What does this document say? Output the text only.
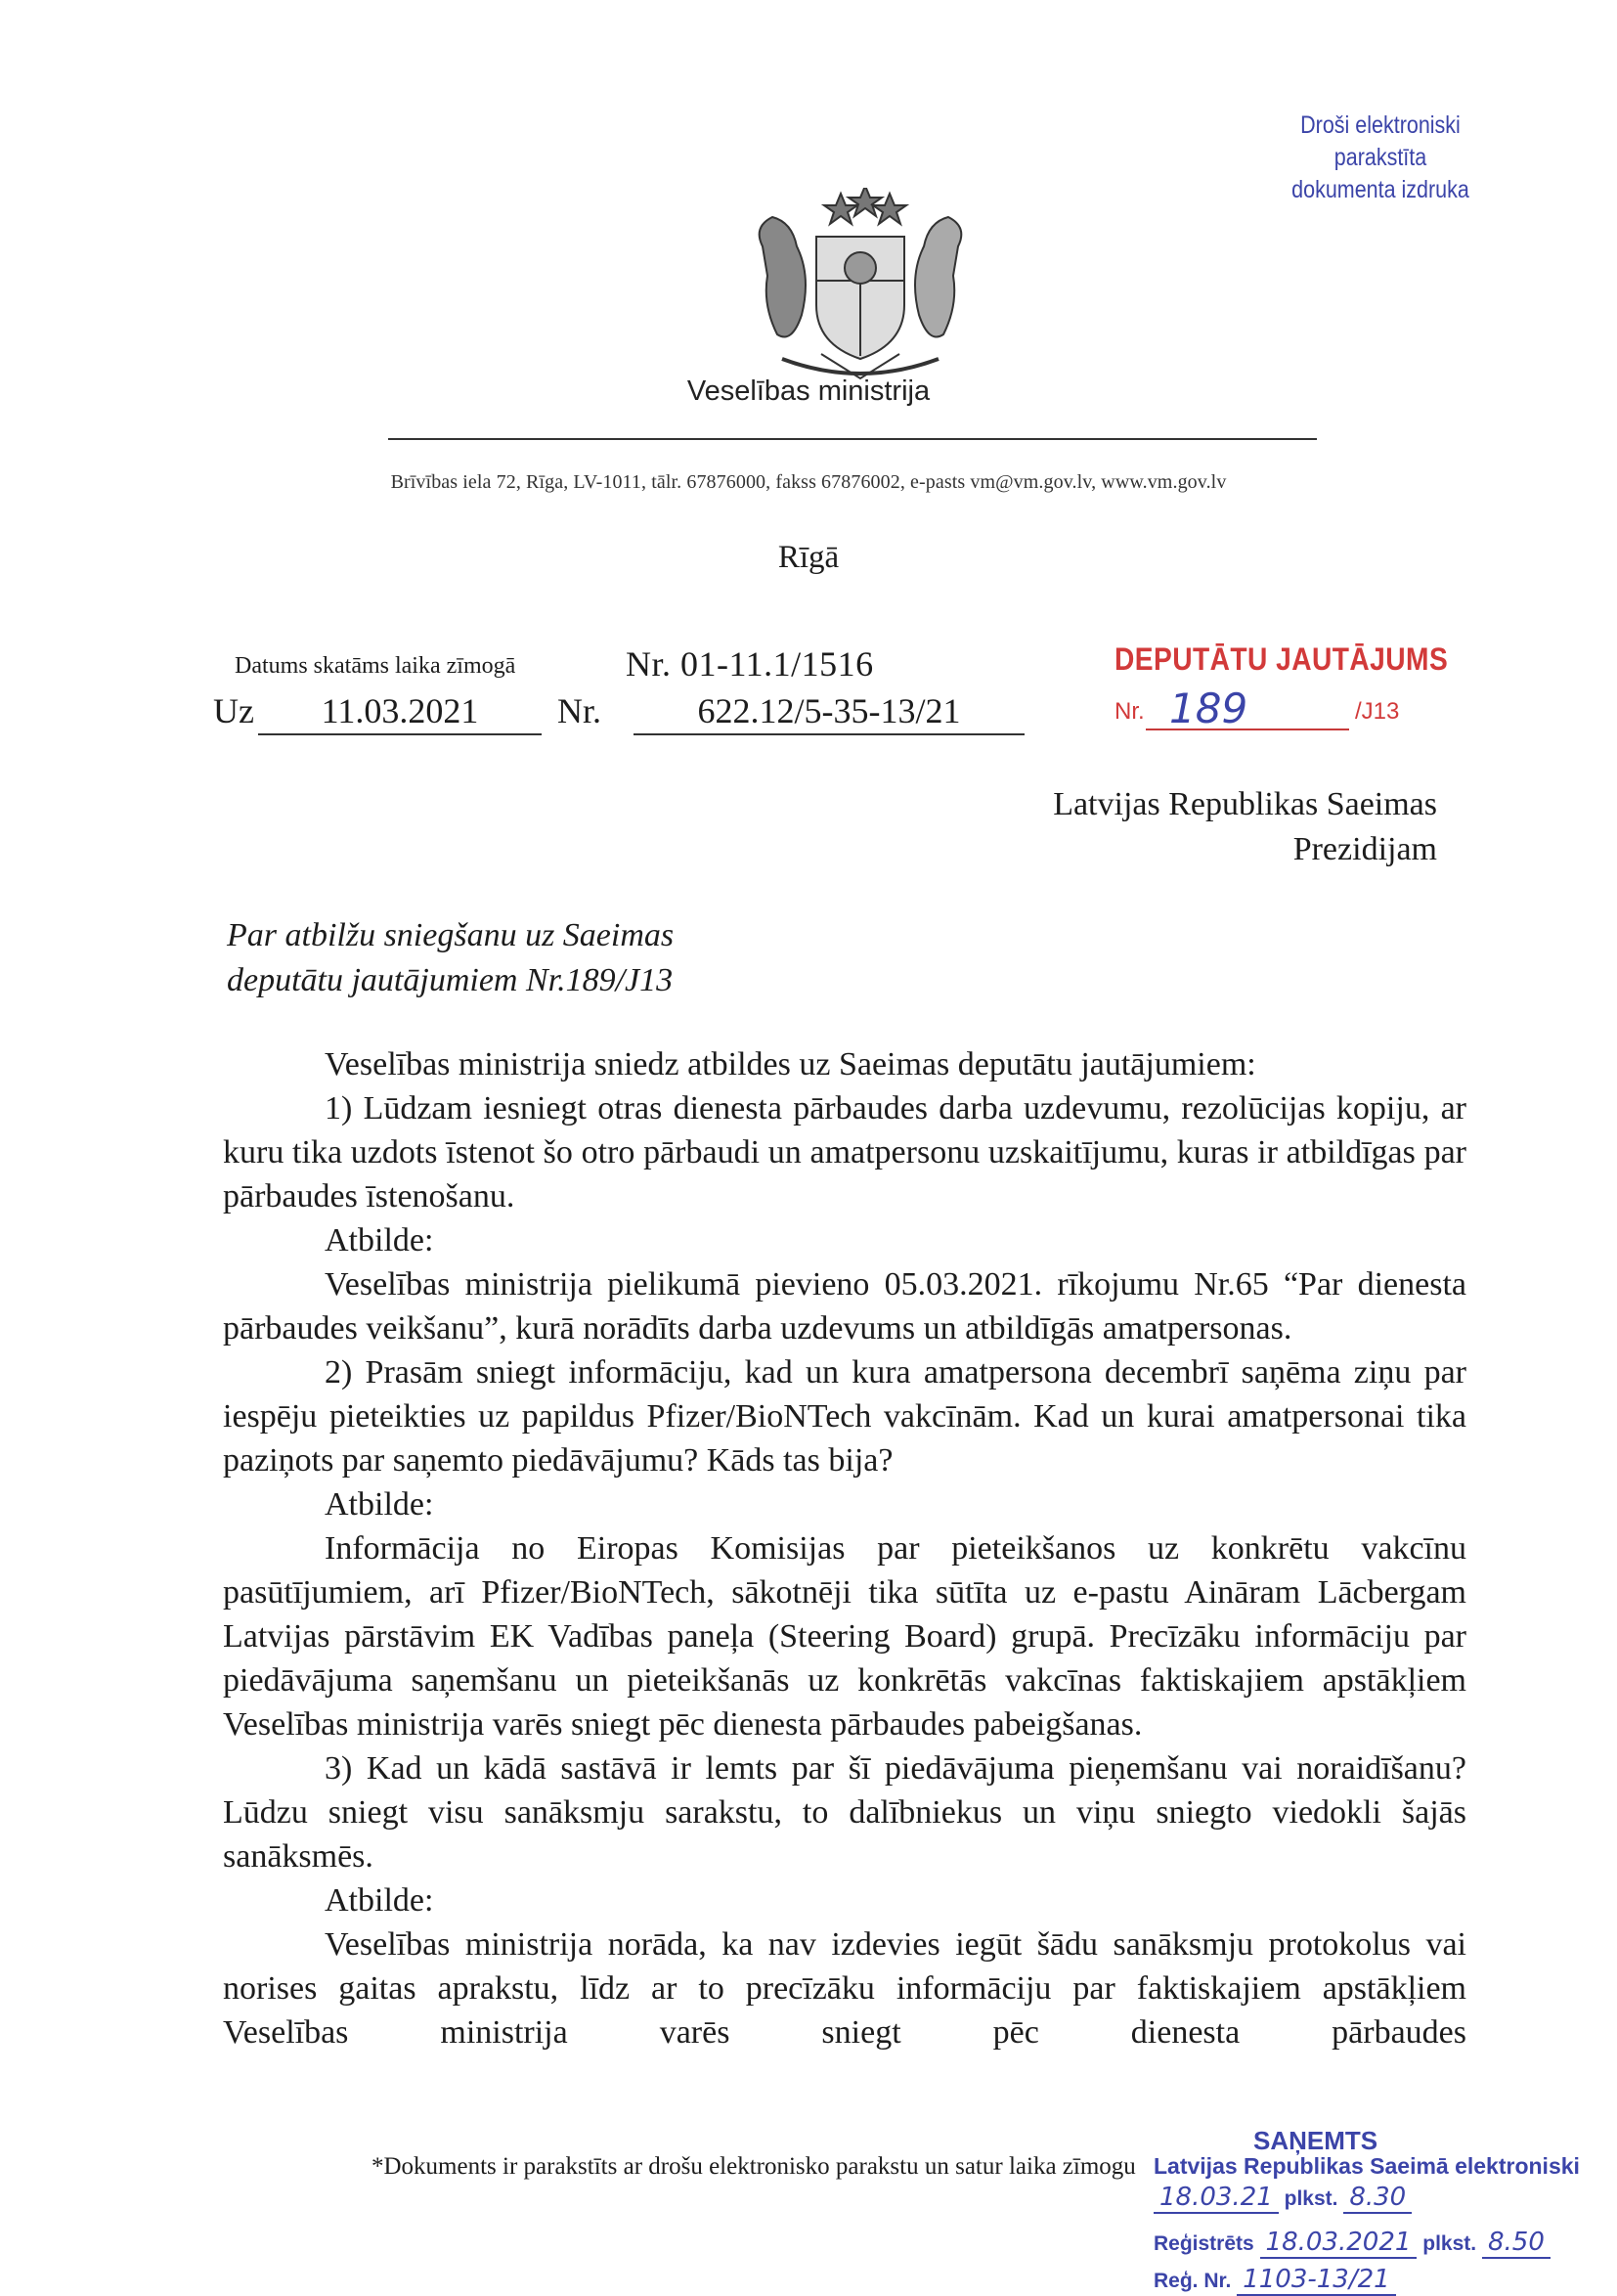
Droši elektroniski parakstīta
dokumenta izdruka
Veselības ministrija
Brīvības iela 72, Rīga, LV-1011, tālr. 67876000, fakss 67876002, e-pasts vm@vm.gov.lv, www.vm.gov.lv
Rīgā
Datums skatāms laika zīmogā	Nr. 01-11.1/1516
Uz	11.03.2021	Nr.	622.12/5-35-13/21
DEPUTĀTU JAUTĀJUMS
Nr. 189	/J13
Latvijas Republikas Saeimas
Prezidijam
Par atbilžu sniegšanu uz Saeimas
deputātu jautājumiem Nr.189/J13

Veselības ministrija sniedz atbildes uz Saeimas deputātu jautājumiem:

1) Lūdzam iesniegt otras dienesta pārbaudes darba uzdevumu, rezolūcijas kopiju, ar kuru tika uzdots īstenot šo otro pārbaudi un amatpersonu uzskaitījumu, kuras ir atbildīgas par pārbaudes īstenošanu.

Atbilde:

Veselības ministrija pielikumā pievieno 05.03.2021. rīkojumu Nr.65 “Par dienesta pārbaudes veikšanu”, kurā norādīts darba uzdevums un atbildīgās amatpersonas.

2) Prasām sniegt informāciju, kad un kura amatpersona decembrī saņēma ziņu par iespēju pieteikties uz papildus Pfizer/BioNTech vakcīnām. Kad un kurai amatpersonai tika paziņots par saņemto piedāvājumu? Kāds tas bija?

Atbilde:

Informācija no Eiropas Komisijas par pieteikšanos uz konkrētu vakcīnu pasūtījumiem, arī Pfizer/BioNTech, sākotnēji tika sūtīta uz e-pastu Aināram Lācbergam Latvijas pārstāvim EK Vadības paneļa (Steering Board) grupā. Precīzāku informāciju par piedāvājuma saņemšanu un pieteikšanās uz konkrētās vakcīnas faktiskajiem apstākļiem Veselības ministrija varēs sniegt pēc dienesta pārbaudes pabeigšanas.

3) Kad un kādā sastāvā ir lemts par šī piedāvājuma pieņemšanu vai noraidīšanu? Lūdzu sniegt visu sanāksmju sarakstu, to dalībniekus un viņu sniegto viedokli šajās sanāksmēs.

Atbilde:

Veselības ministrija norāda, ka nav izdevies iegūt šādu sanāksmju protokolus vai norises gaitas aprakstu, līdz ar to precīzāku informāciju par faktiskajiem apstākļiem Veselības ministrija varēs sniegt pēc dienesta pārbaudes

*Dokuments ir parakstīts ar drošu elektronisko parakstu un satur laika zīmogu
SAŅEMTS
Latvijas Republikas Saeimā elektroniski
18.03.21 plkst. 8.30
Reģistrēts 18.03.2021 plkst. 8.50
Reģ. Nr. 1103-13/21
